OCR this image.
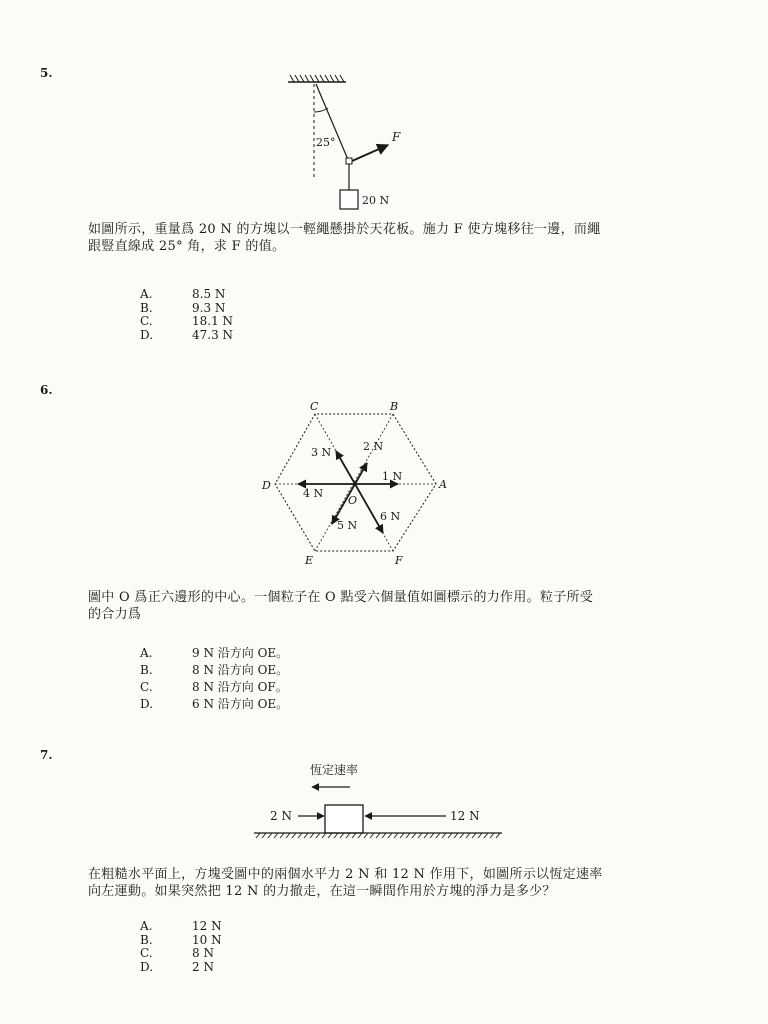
5.
25°	F
20 N
如圖所示，重量爲 20 N 的方塊以一輕繩懸掛於天花板。施力 F 使方塊移往一邊，而繩
跟豎直線成 25° 角，求 F 的值。
A.	8.5 N
B.	9.3 N
C.	18.1 N
D.	47.3 N
6.
A
B
C
D
E	F
O
1 N
2 N
3 N
4 N
5 N
6 N
圖中 O 爲正六邊形的中心。一個粒子在 O 點受六個量值如圖標示的力作用。粒子所受
的合力爲
A.	9 N 沿方向 OE。
B.	8 N 沿方向 OE。
C.	8 N 沿方向 OF。
D.	6 N 沿方向 OE。
7.
恆定速率
2 N	12 N
在粗糙水平面上，方塊受圖中的兩個水平力 2 N 和 12 N 作用下，如圖所示以恆定速率
向左運動。如果突然把 12 N 的力撤走，在這一瞬間作用於方塊的淨力是多少？
A.	12 N
B.	10 N
C.	8 N
D.	2 N
